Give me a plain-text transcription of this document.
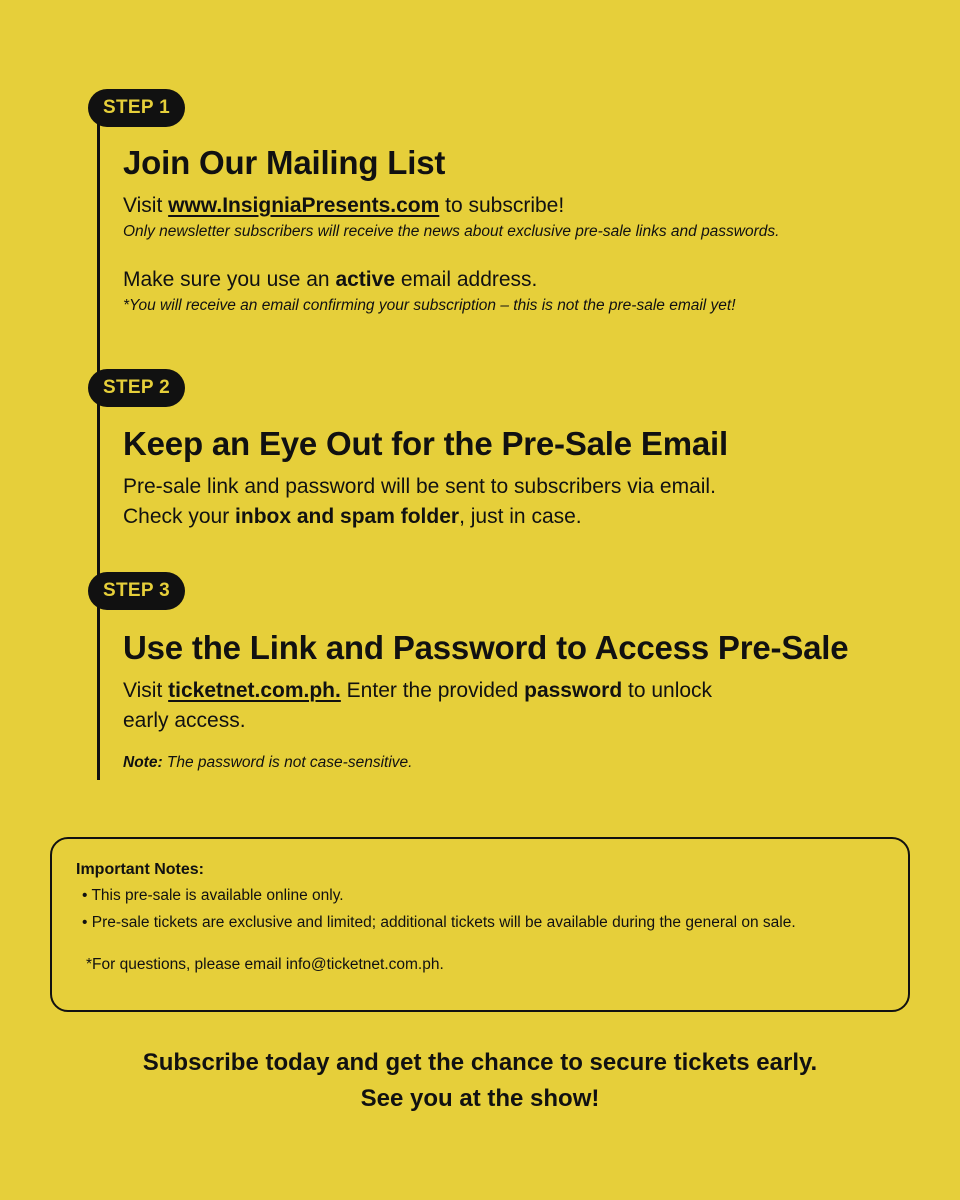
STEP 1
Join Our Mailing List

Visit www.InsigniaPresents.com to subscribe!

Only newsletter subscribers will receive the news about exclusive pre-sale links and passwords.

Make sure you use an active email address.

*You will receive an email confirming your subscription – this is not the pre-sale email yet!

STEP 2
Keep an Eye Out for the Pre-Sale Email

Pre-sale link and password will be sent to subscribers via email.

Check your inbox and spam folder, just in case.

STEP 3
Use the Link and Password to Access Pre-Sale

Visit ticketnet.com.ph. Enter the provided password to unlock

early access.

Note: The password is not case-sensitive.

Important Notes:

• This pre-sale is available online only.

• Pre-sale tickets are exclusive and limited; additional tickets will be available during the general on sale.

*For questions, please email info@ticketnet.com.ph.

Subscribe today and get the chance to secure tickets early.
See you at the show!
